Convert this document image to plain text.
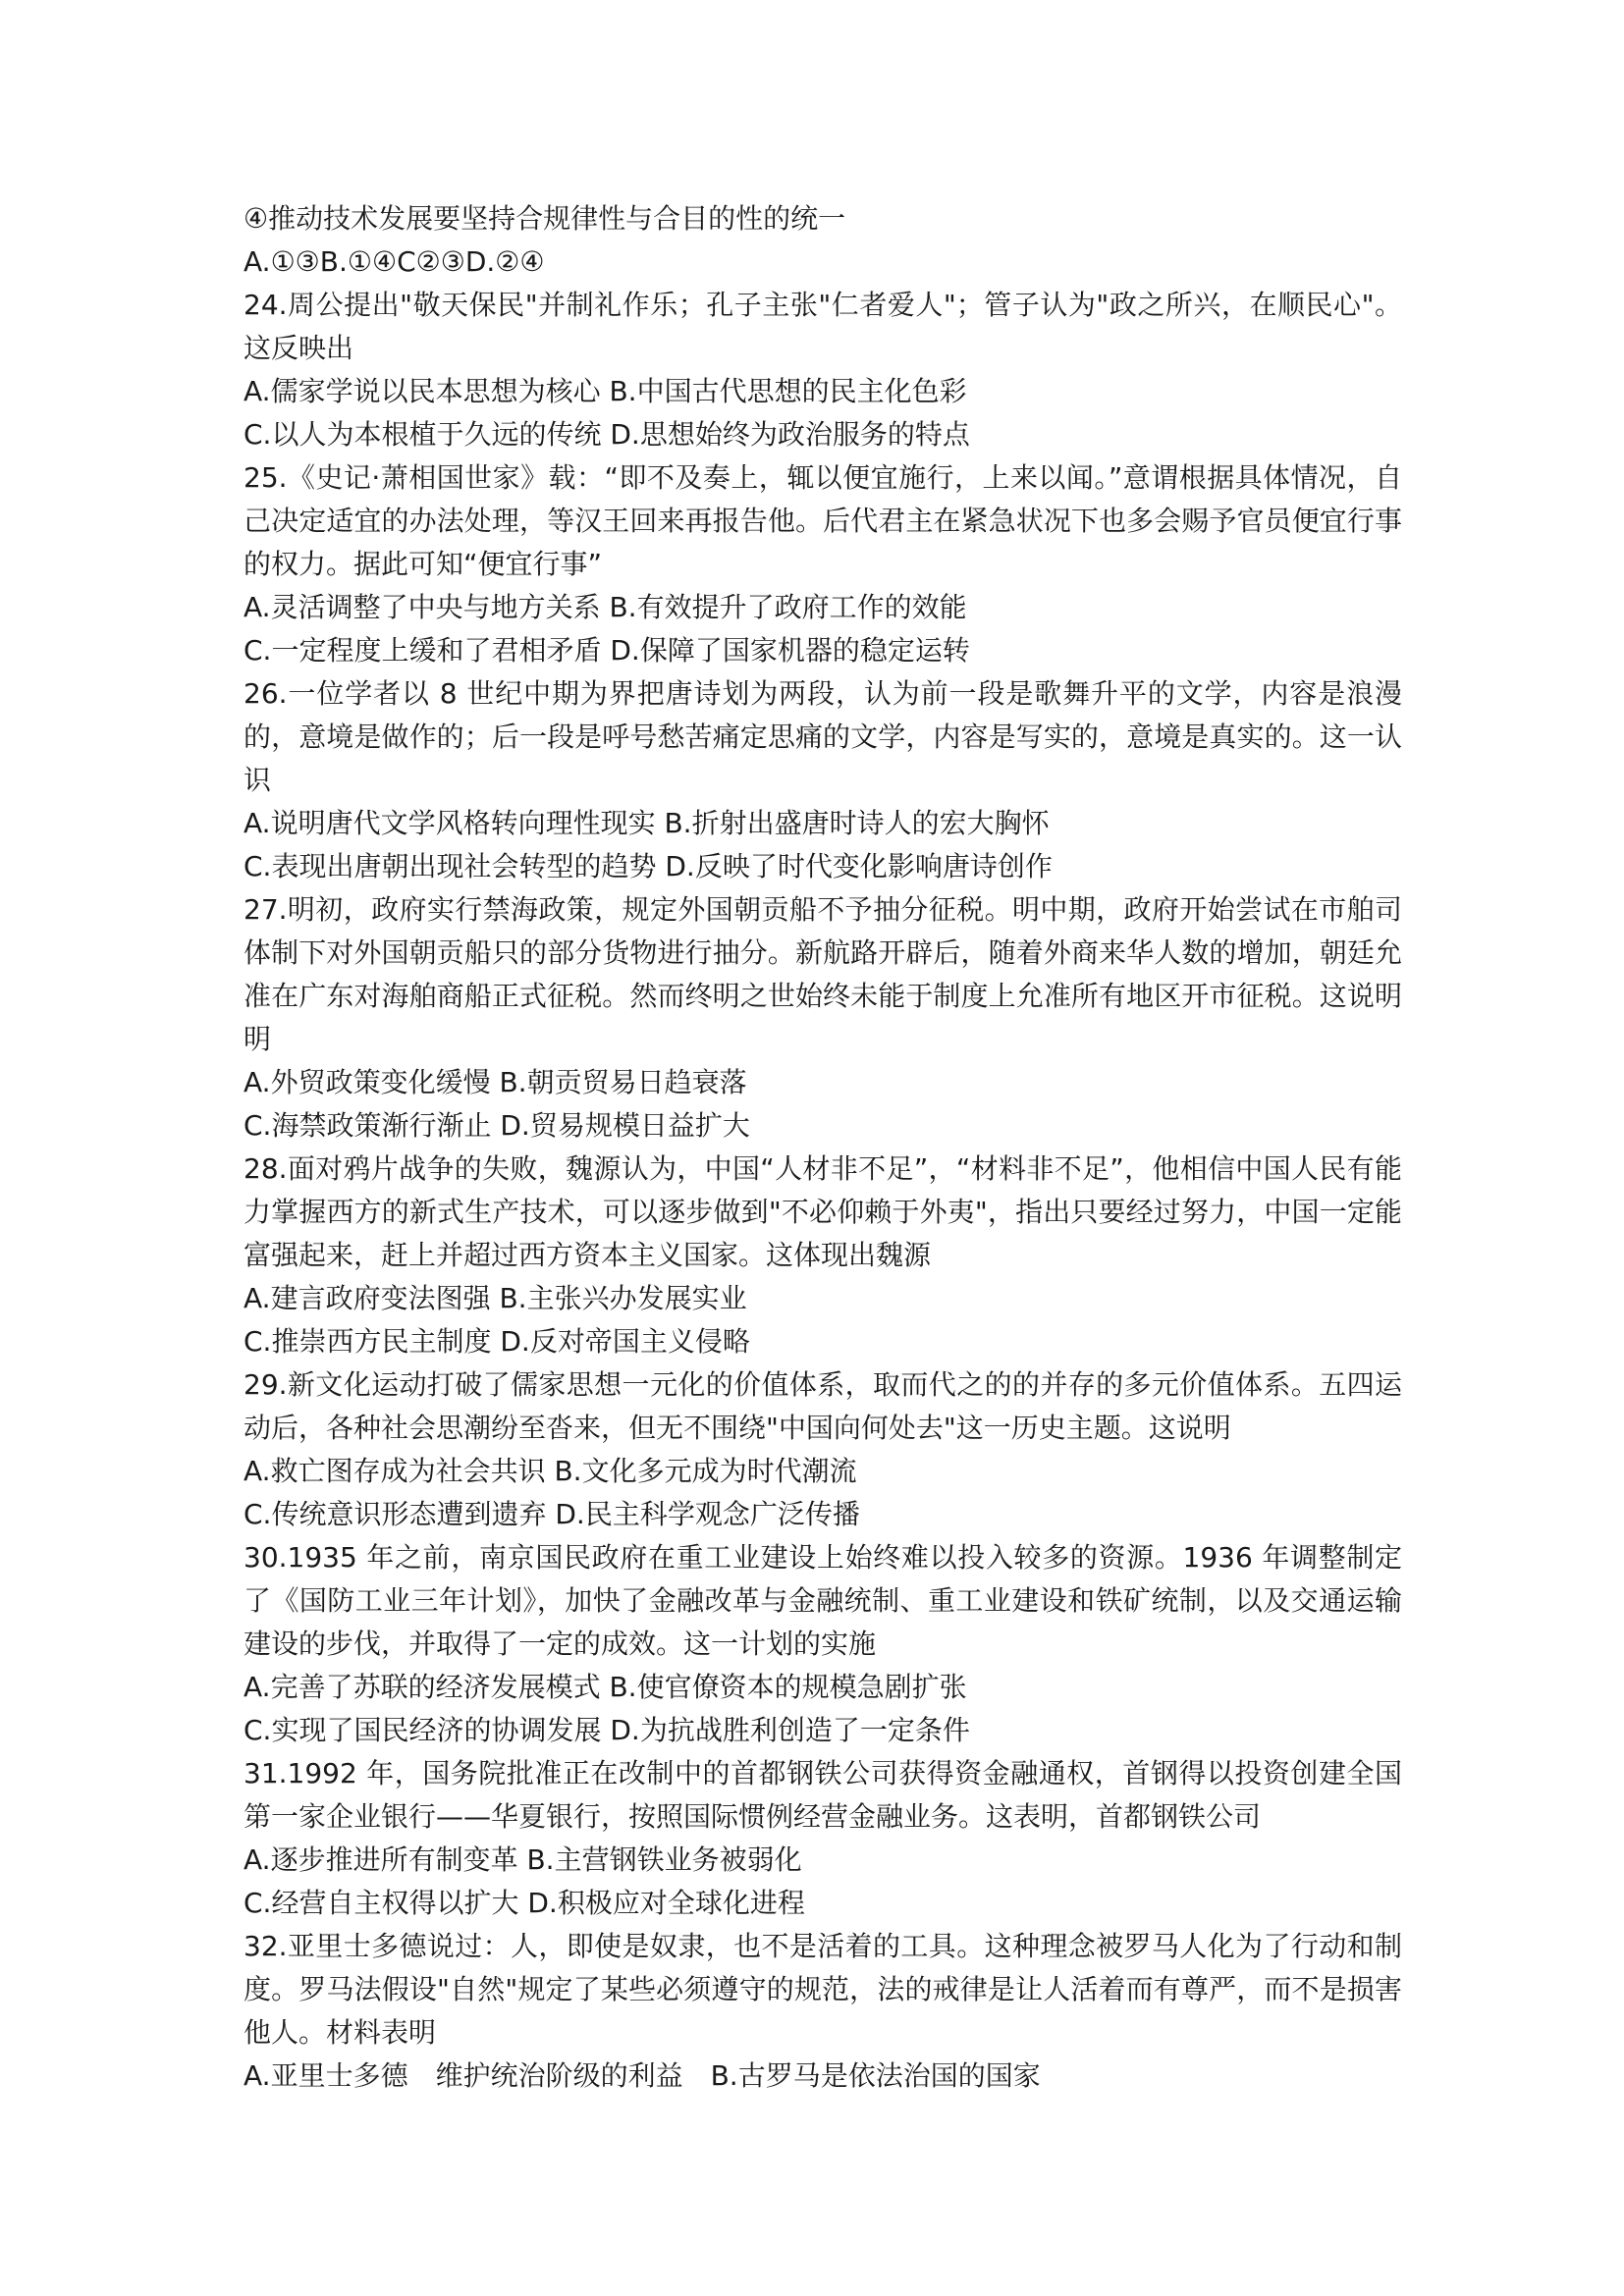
④推动技术发展要坚持合规律性与合目的性的统一
A.①③B.①④C②③D.②④
24.周公提出"敬天保民"并制礼作乐；孔子主张"仁者爱人"；管子认为"政之所兴，在顺民心"。这反映出
A.儒家学说以民本思想为核心 B.中国古代思想的民主化色彩
C.以人为本根植于久远的传统 D.思想始终为政治服务的特点
25.《史记·萧相国世家》载：“即不及奏上，辄以便宜施行，上来以闻。”意谓根据具体情况，自己决定适宜的办法处理，等汉王回来再报告他。后代君主在紧急状况下也多会赐予官员便宜行事的权力。据此可知“便宜行事”
A.灵活调整了中央与地方关系 B.有效提升了政府工作的效能
C.一定程度上缓和了君相矛盾 D.保障了国家机器的稳定运转
26.一位学者以 8 世纪中期为界把唐诗划为两段，认为前一段是歌舞升平的文学，内容是浪漫的，意境是做作的；后一段是呼号愁苦痛定思痛的文学，内容是写实的，意境是真实的。这一认识
A.说明唐代文学风格转向理性现实 B.折射出盛唐时诗人的宏大胸怀
C.表现出唐朝出现社会转型的趋势 D.反映了时代变化影响唐诗创作
27.明初，政府实行禁海政策，规定外国朝贡船不予抽分征税。明中期，政府开始尝试在市舶司体制下对外国朝贡船只的部分货物进行抽分。新航路开辟后，随着外商来华人数的增加，朝廷允准在广东对海舶商船正式征税。然而终明之世始终未能于制度上允准所有地区开市征税。这说明明
A.外贸政策变化缓慢 B.朝贡贸易日趋衰落
C.海禁政策渐行渐止 D.贸易规模日益扩大
28.面对鸦片战争的失败，魏源认为，中国“人材非不足”，“材料非不足”，他相信中国人民有能力掌握西方的新式生产技术，可以逐步做到"不必仰赖于外夷"，指出只要经过努力，中国一定能富强起来，赶上并超过西方资本主义国家。这体现出魏源
A.建言政府变法图强 B.主张兴办发展实业
C.推崇西方民主制度 D.反对帝国主义侵略
29.新文化运动打破了儒家思想一元化的价值体系，取而代之的的并存的多元价值体系。五四运动后，各种社会思潮纷至沓来，但无不围绕"中国向何处去"这一历史主题。这说明
A.救亡图存成为社会共识 B.文化多元成为时代潮流
C.传统意识形态遭到遗弃 D.民主科学观念广泛传播
30.1935 年之前，南京国民政府在重工业建设上始终难以投入较多的资源。1936 年调整制定了《国防工业三年计划》，加快了金融改革与金融统制、重工业建设和铁矿统制，以及交通运输建设的步伐，并取得了一定的成效。这一计划的实施
A.完善了苏联的经济发展模式 B.使官僚资本的规模急剧扩张
C.实现了国民经济的协调发展 D.为抗战胜利创造了一定条件
31.1992 年，国务院批准正在改制中的首都钢铁公司获得资金融通权，首钢得以投资创建全国第一家企业银行——华夏银行，按照国际惯例经营金融业务。这表明，首都钢铁公司
A.逐步推进所有制变革 B.主营钢铁业务被弱化
C.经营自主权得以扩大 D.积极应对全球化进程
32.亚里士多德说过：人，即使是奴隶，也不是活着的工具。这种理念被罗马人化为了行动和制度。罗马法假设"自然"规定了某些必须遵守的规范，法的戒律是让人活着而有尊严，而不是损害他人。材料表明
A.亚里士多德　维护统治阶级的利益 B.古罗马是依法治国的国家
